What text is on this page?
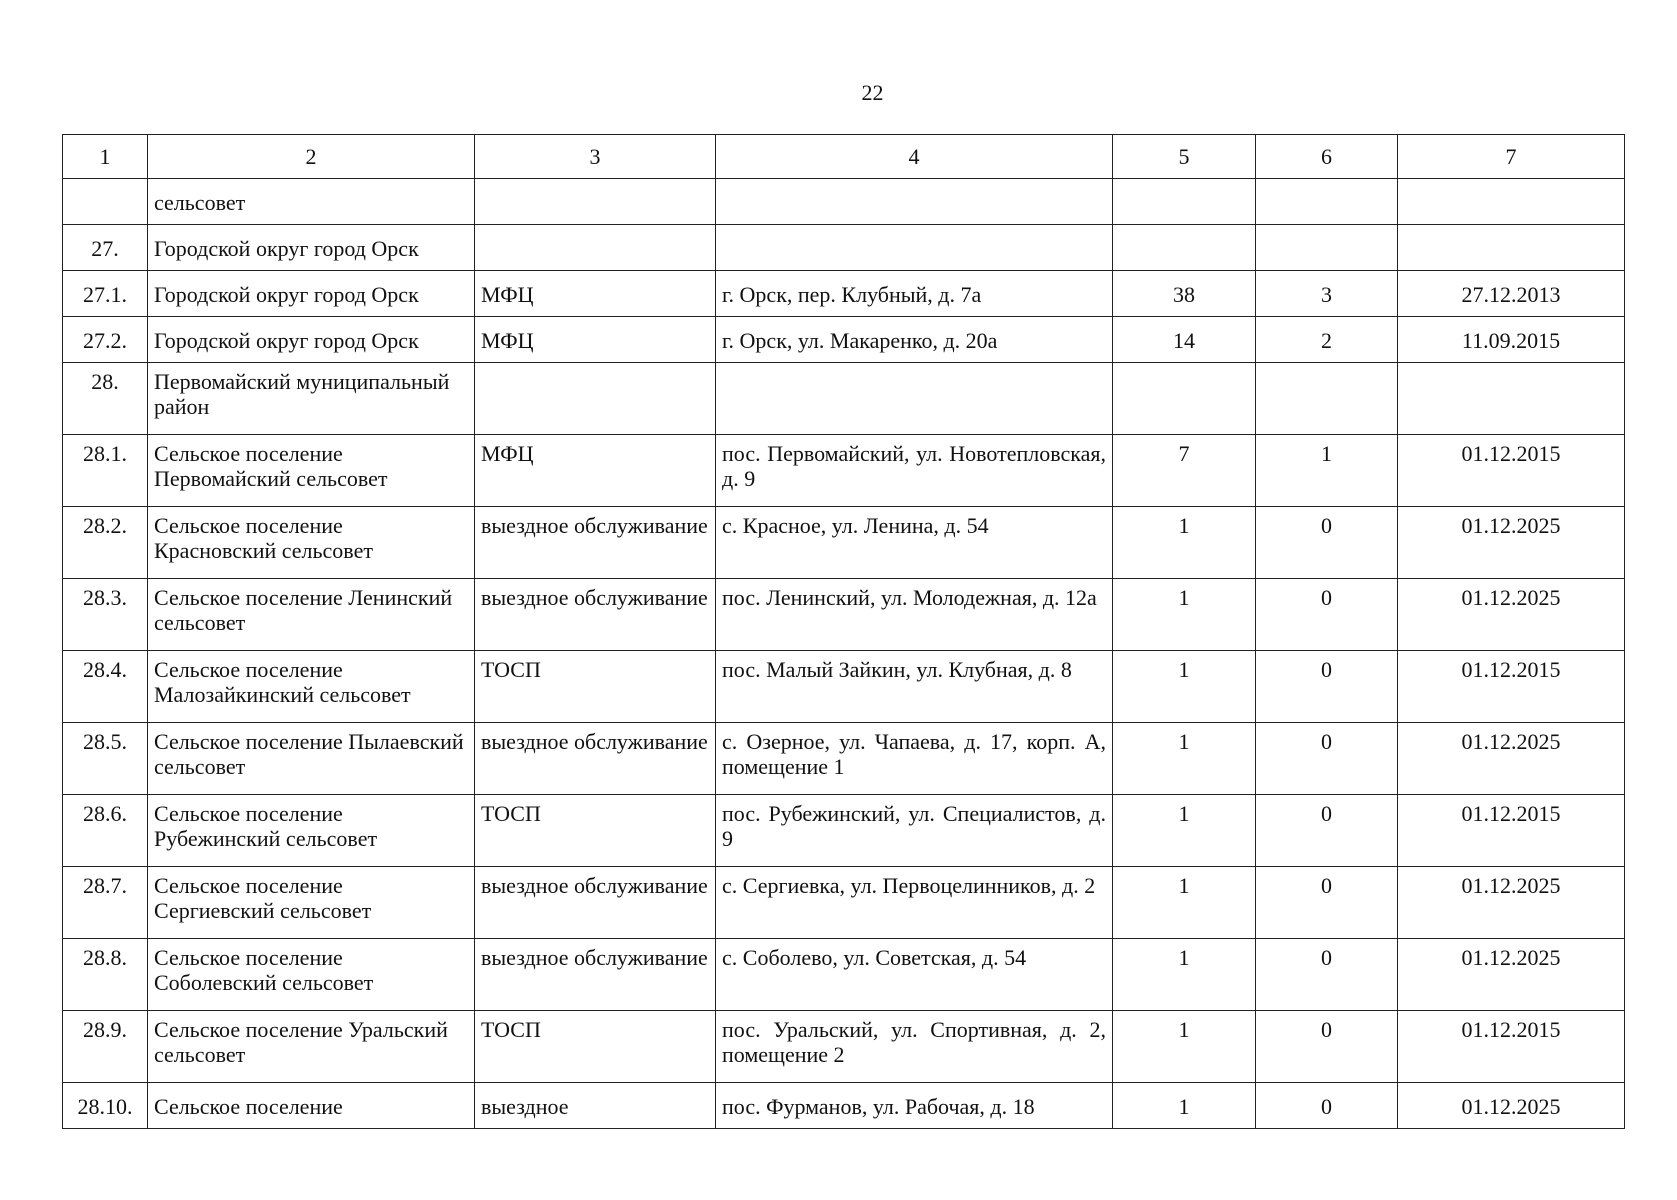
22
1	2	3	4	5	6	7
	сельсовет					
27.	Городской округ город Орск					
27.1.	Городской округ город Орск	МФЦ	г. Орск, пер. Клубный, д. 7а	38	3	27.12.2013
27.2.	Городской округ город Орск	МФЦ	г. Орск, ул. Макаренко, д. 20а	14	2	11.09.2015
28.	Первомайский муниципальный район					
28.1.	Сельское поселение Первомайский сельсовет	МФЦ	пос. Первомайский, ул. Новотепловская, д. 9	7	1	01.12.2015
28.2.	Сельское поселение Красновский сельсовет	выездное обслуживание	с. Красное, ул. Ленина, д. 54	1	0	01.12.2025
28.3.	Сельское поселение Ленинский сельсовет	выездное обслуживание	пос. Ленинский, ул. Молодежная, д. 12а	1	0	01.12.2025
28.4.	Сельское поселение Малозайкинский сельсовет	ТОСП	пос. Малый Зайкин, ул. Клубная, д. 8	1	0	01.12.2015
28.5.	Сельское поселение Пылаевский сельсовет	выездное обслуживание	с. Озерное, ул. Чапаева, д. 17, корп. А, помещение 1	1	0	01.12.2025
28.6.	Сельское поселение Рубежинский сельсовет	ТОСП	пос. Рубежинский, ул. Специалистов, д. 9	1	0	01.12.2015
28.7.	Сельское поселение Сергиевский сельсовет	выездное обслуживание	с. Сергиевка, ул. Первоцелинников, д. 2	1	0	01.12.2025
28.8.	Сельское поселение Соболевский сельсовет	выездное обслуживание	с. Соболево, ул. Советская, д. 54	1	0	01.12.2025
28.9.	Сельское поселение Уральский сельсовет	ТОСП	пос. Уральский, ул. Спортивная, д. 2, помещение 2	1	0	01.12.2015
28.10.	Сельское поселение	выездное	пос. Фурманов, ул. Рабочая, д. 18	1	0	01.12.2025
